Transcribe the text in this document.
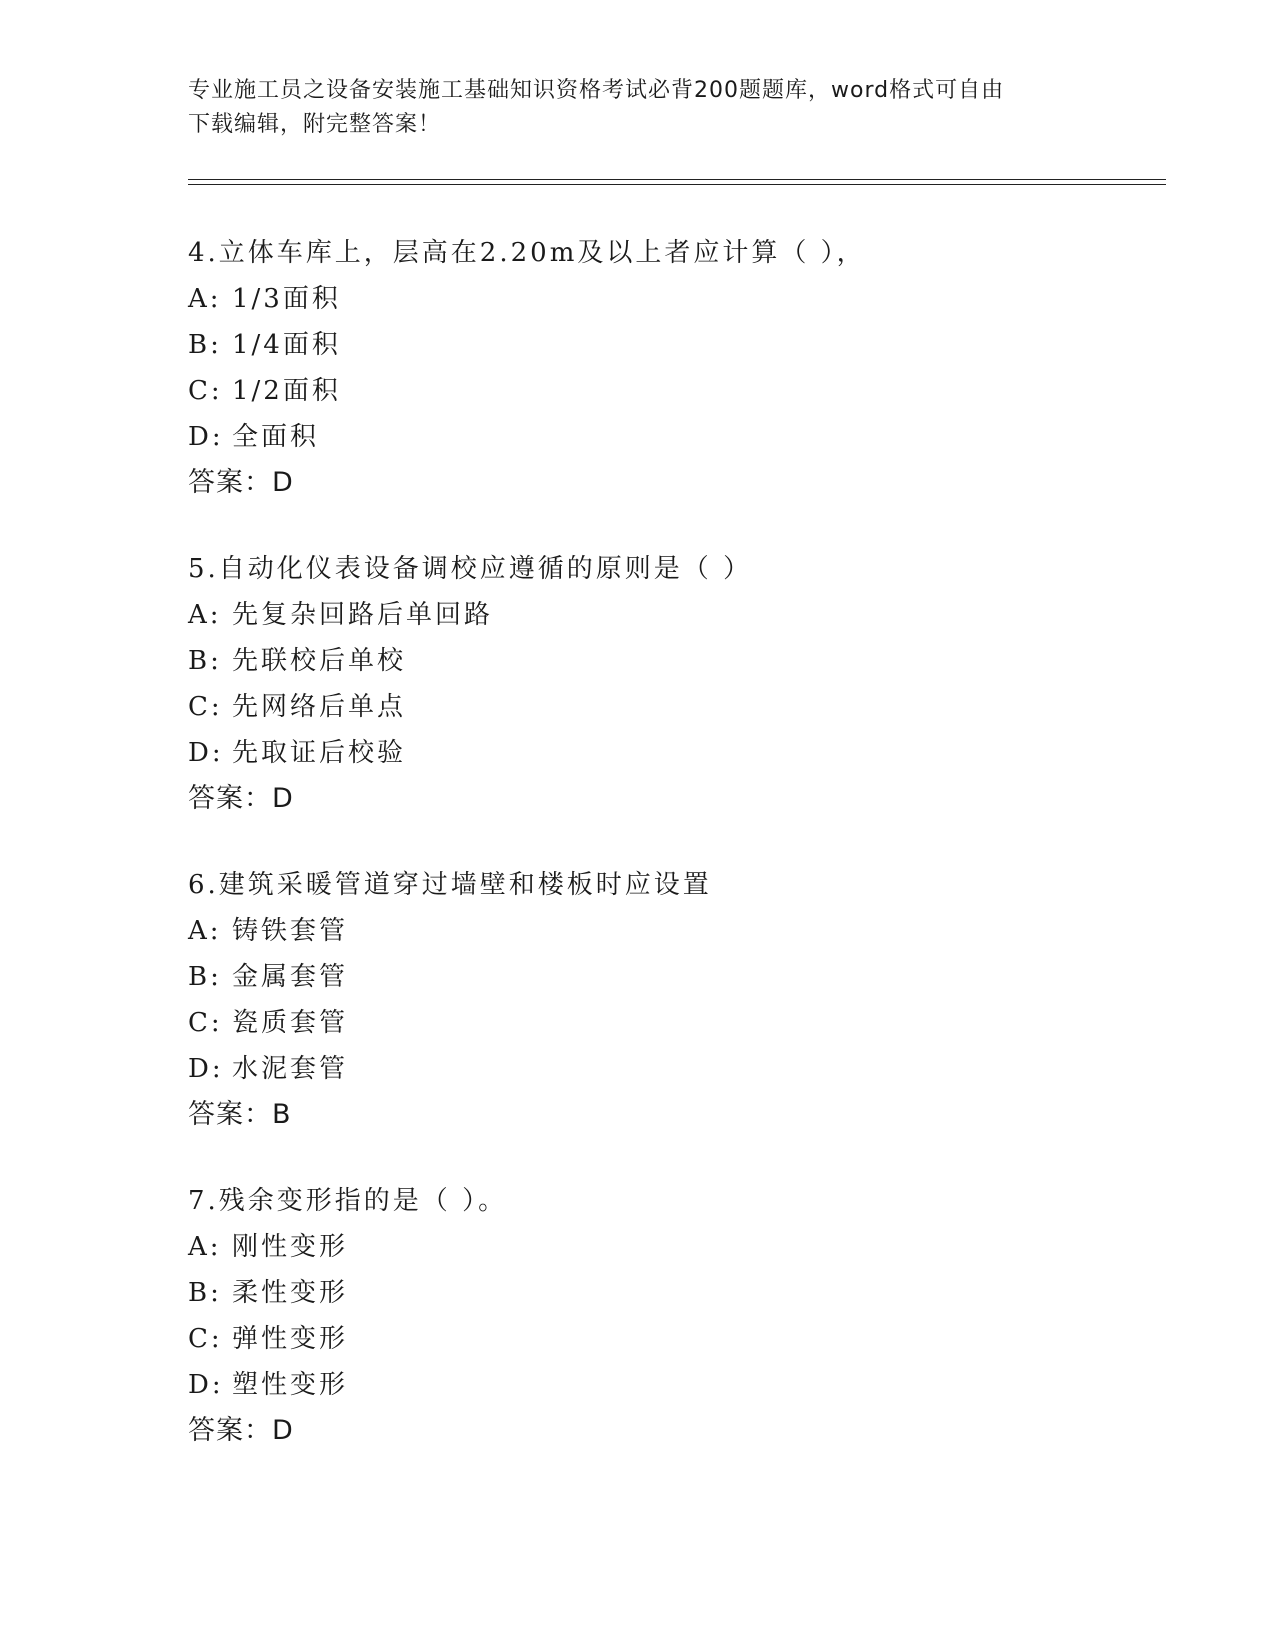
专业施工员之设备安装施工基础知识资格考试必背200题题库，word格式可自由
下载编辑，附完整答案！
4.立体车库上，层高在2.20m及以上者应计算（ ），
A: 1/3面积
B: 1/4面积
C: 1/2面积
D: 全面积
答案：D
5.自动化仪表设备调校应遵循的原则是（ ）
A: 先复杂回路后单回路
B: 先联校后单校
C: 先网络后单点
D: 先取证后校验
答案：D
6.建筑采暖管道穿过墙壁和楼板时应设置
A: 铸铁套管
B: 金属套管
C: 瓷质套管
D: 水泥套管
答案：B
7.残余变形指的是（ ）。
A: 刚性变形
B: 柔性变形
C: 弹性变形
D: 塑性变形
答案：D
